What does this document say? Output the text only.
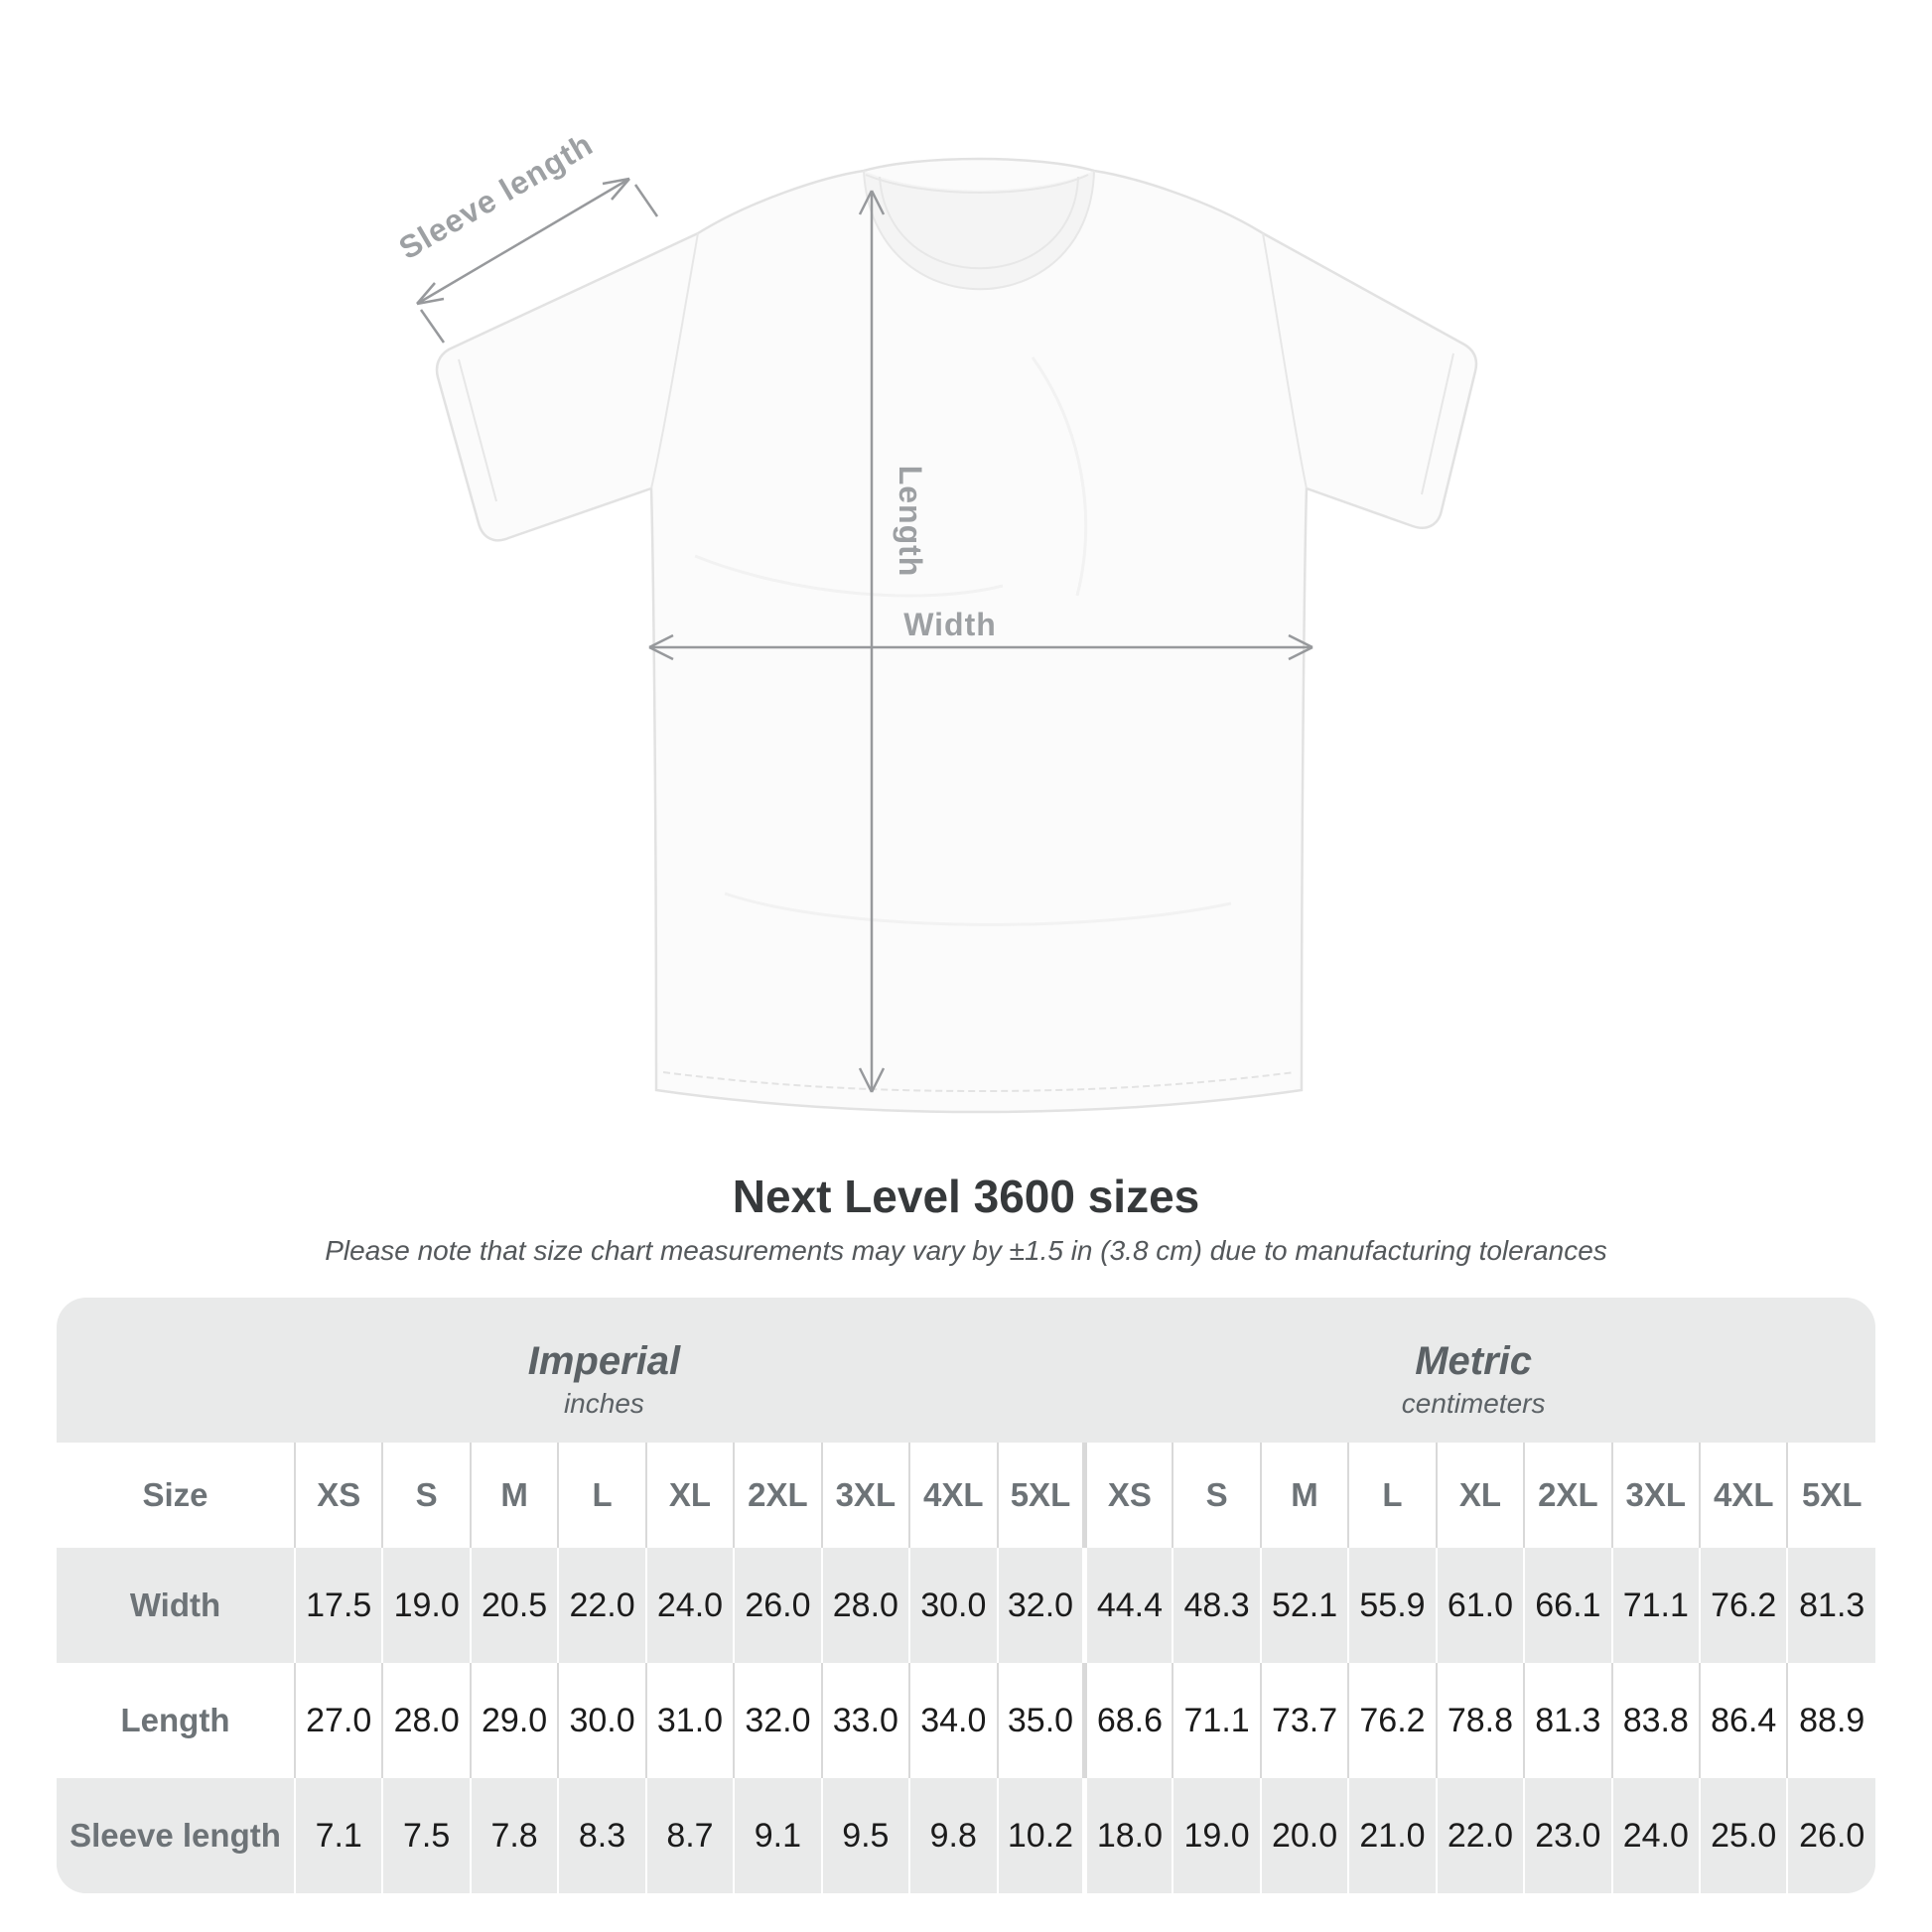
Sleeve length
Length
Width
Next Level 3600 sizes
Please note that size chart measurements may vary by ±1.5 in (3.8 cm) due to manufacturing tolerances
Imperial
inches
Metric
centimeters
Size	XS	S	M	L	XL	2XL	3XL	4XL	5XL	XS	S	M	L	XL	2XL	3XL	4XL	5XL
Width	17.5	19.0	20.5	22.0	24.0	26.0	28.0	30.0	32.0	44.4	48.3	52.1	55.9	61.0	66.1	71.1	76.2	81.3
Length	27.0	28.0	29.0	30.0	31.0	32.0	33.0	34.0	35.0	68.6	71.1	73.7	76.2	78.8	81.3	83.8	86.4	88.9
Sleeve length	7.1	7.5	7.8	8.3	8.7	9.1	9.5	9.8	10.2	18.0	19.0	20.0	21.0	22.0	23.0	24.0	25.0	26.0
